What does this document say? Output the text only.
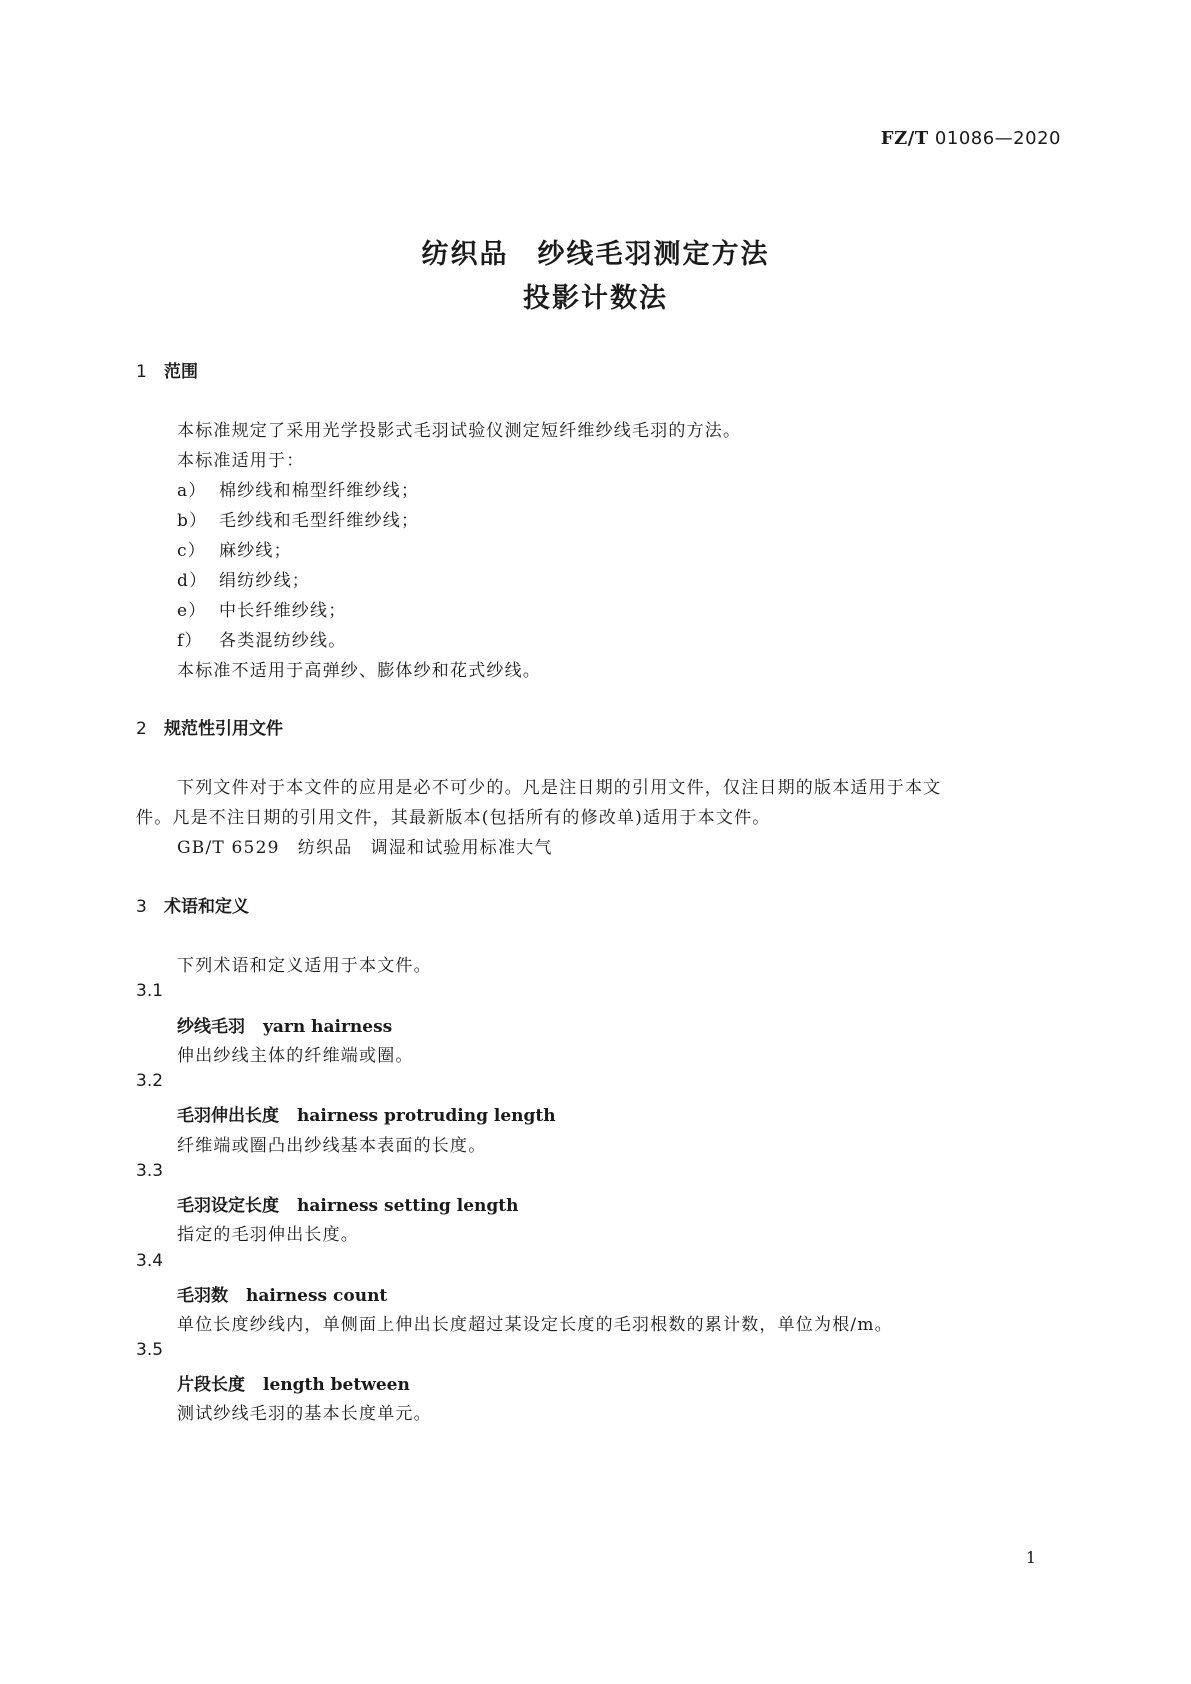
FZ/T 01086—2020
纺织品　纱线毛羽测定方法
投影计数法
1 范围
本标准规定了采用光学投影式毛羽试验仪测定短纤维纱线毛羽的方法。
本标准适用于：
a） 棉纱线和棉型纤维纱线；
b） 毛纱线和毛型纤维纱线；
c） 麻纱线；
d） 绢纺纱线；
e） 中长纤维纱线；
f） 各类混纺纱线。
本标准不适用于高弹纱、膨体纱和花式纱线。
2 规范性引用文件
下列文件对于本文件的应用是必不可少的。凡是注日期的引用文件，仅注日期的版本适用于本文
件。凡是不注日期的引用文件，其最新版本(包括所有的修改单)适用于本文件。
GB/T 6529　纺织品　调湿和试验用标准大气
3 术语和定义
下列术语和定义适用于本文件。
3.1
纱线毛羽 yarn hairness
伸出纱线主体的纤维端或圈。
3.2
毛羽伸出长度 hairness protruding length
纤维端或圈凸出纱线基本表面的长度。
3.3
毛羽设定长度 hairness setting length
指定的毛羽伸出长度。
3.4
毛羽数 hairness count
单位长度纱线内，单侧面上伸出长度超过某设定长度的毛羽根数的累计数，单位为根/m。
3.5
片段长度 length between
测试纱线毛羽的基本长度单元。
1
